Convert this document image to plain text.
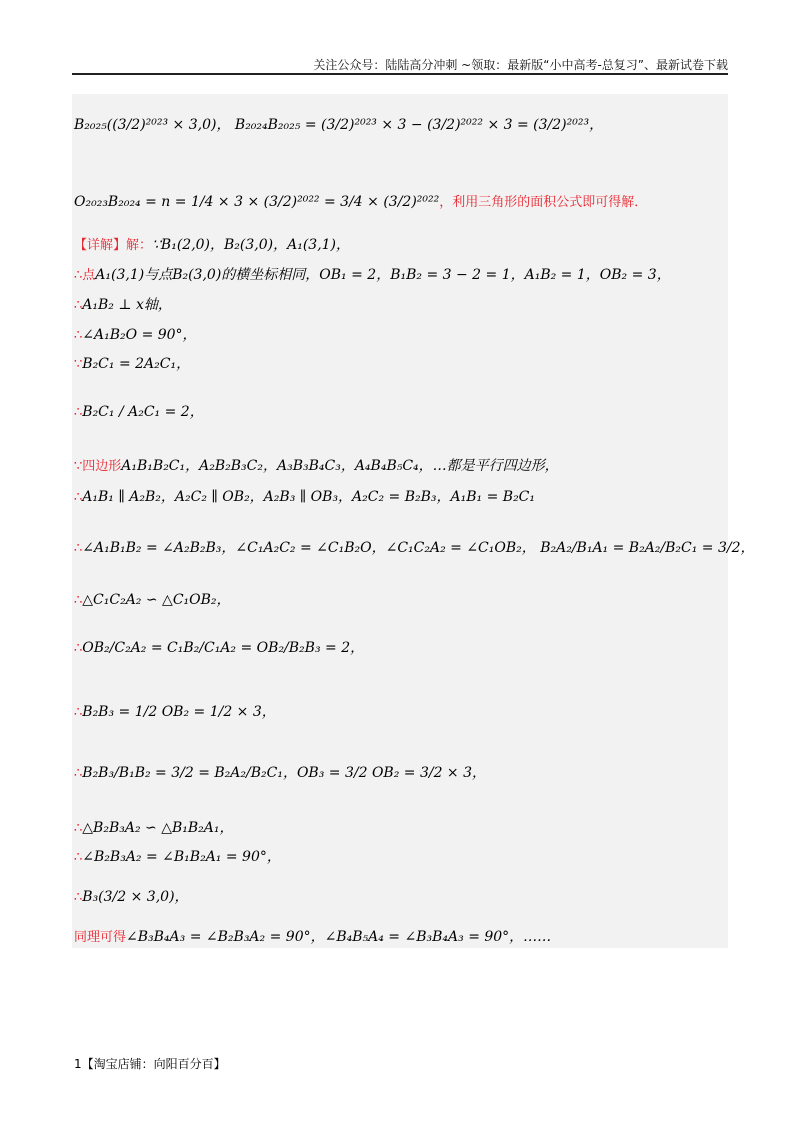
关注公众号：陆陆高分冲刺 ~领取：最新版“小中高考-总复习”、最新试卷下载
B₂₀₂₅((3/2)²⁰²³ × 3,0)， B₂₀₂₄B₂₀₂₅ = (3/2)²⁰²³ × 3 − (3/2)²⁰²² × 3 = (3/2)²⁰²³，
O₂₀₂₃B₂₀₂₄ = n = 1/4 × 3 × (3/2)²⁰²² = 3/4 × (3/2)²⁰²²，利用三角形的面积公式即可得解．
【详解】解：∵B₁(2,0)，B₂(3,0)，A₁(3,1)，
∴点A₁(3,1)与点B₂(3,0)的横坐标相同，OB₁ = 2，B₁B₂ = 3 − 2 = 1，A₁B₂ = 1，OB₂ = 3，
∴A₁B₂ ⊥ x轴，
∴∠A₁B₂O = 90°，
∵B₂C₁ = 2A₂C₁，
∴B₂C₁ / A₂C₁ = 2，
∵四边形A₁B₁B₂C₁，A₂B₂B₃C₂，A₃B₃B₄C₃，A₄B₄B₅C₄，…都是平行四边形，
∴A₁B₁ ∥ A₂B₂，A₂C₂ ∥ OB₂，A₂B₃ ∥ OB₃，A₂C₂ = B₂B₃，A₁B₁ = B₂C₁
∴∠A₁B₁B₂ = ∠A₂B₂B₃，∠C₁A₂C₂ = ∠C₁B₂O，∠C₁C₂A₂ = ∠C₁OB₂， B₂A₂/B₁A₁ = B₂A₂/B₂C₁ = 3/2，
∴△C₁C₂A₂ ∽ △C₁OB₂，
∴OB₂/C₂A₂ = C₁B₂/C₁A₂ = OB₂/B₂B₃ = 2，
∴B₂B₃ = 1/2 OB₂ = 1/2 × 3，
∴B₂B₃/B₁B₂ = 3/2 = B₂A₂/B₂C₁，OB₃ = 3/2 OB₂ = 3/2 × 3，
∴△B₂B₃A₂ ∽ △B₁B₂A₁，
∴∠B₂B₃A₂ = ∠B₁B₂A₁ = 90°，
∴B₃(3/2 × 3,0)，
同理可得∠B₃B₄A₃ = ∠B₂B₃A₂ = 90°，∠B₄B₅A₄ = ∠B₃B₄A₃ = 90°，……
1【淘宝店铺：向阳百分百】
